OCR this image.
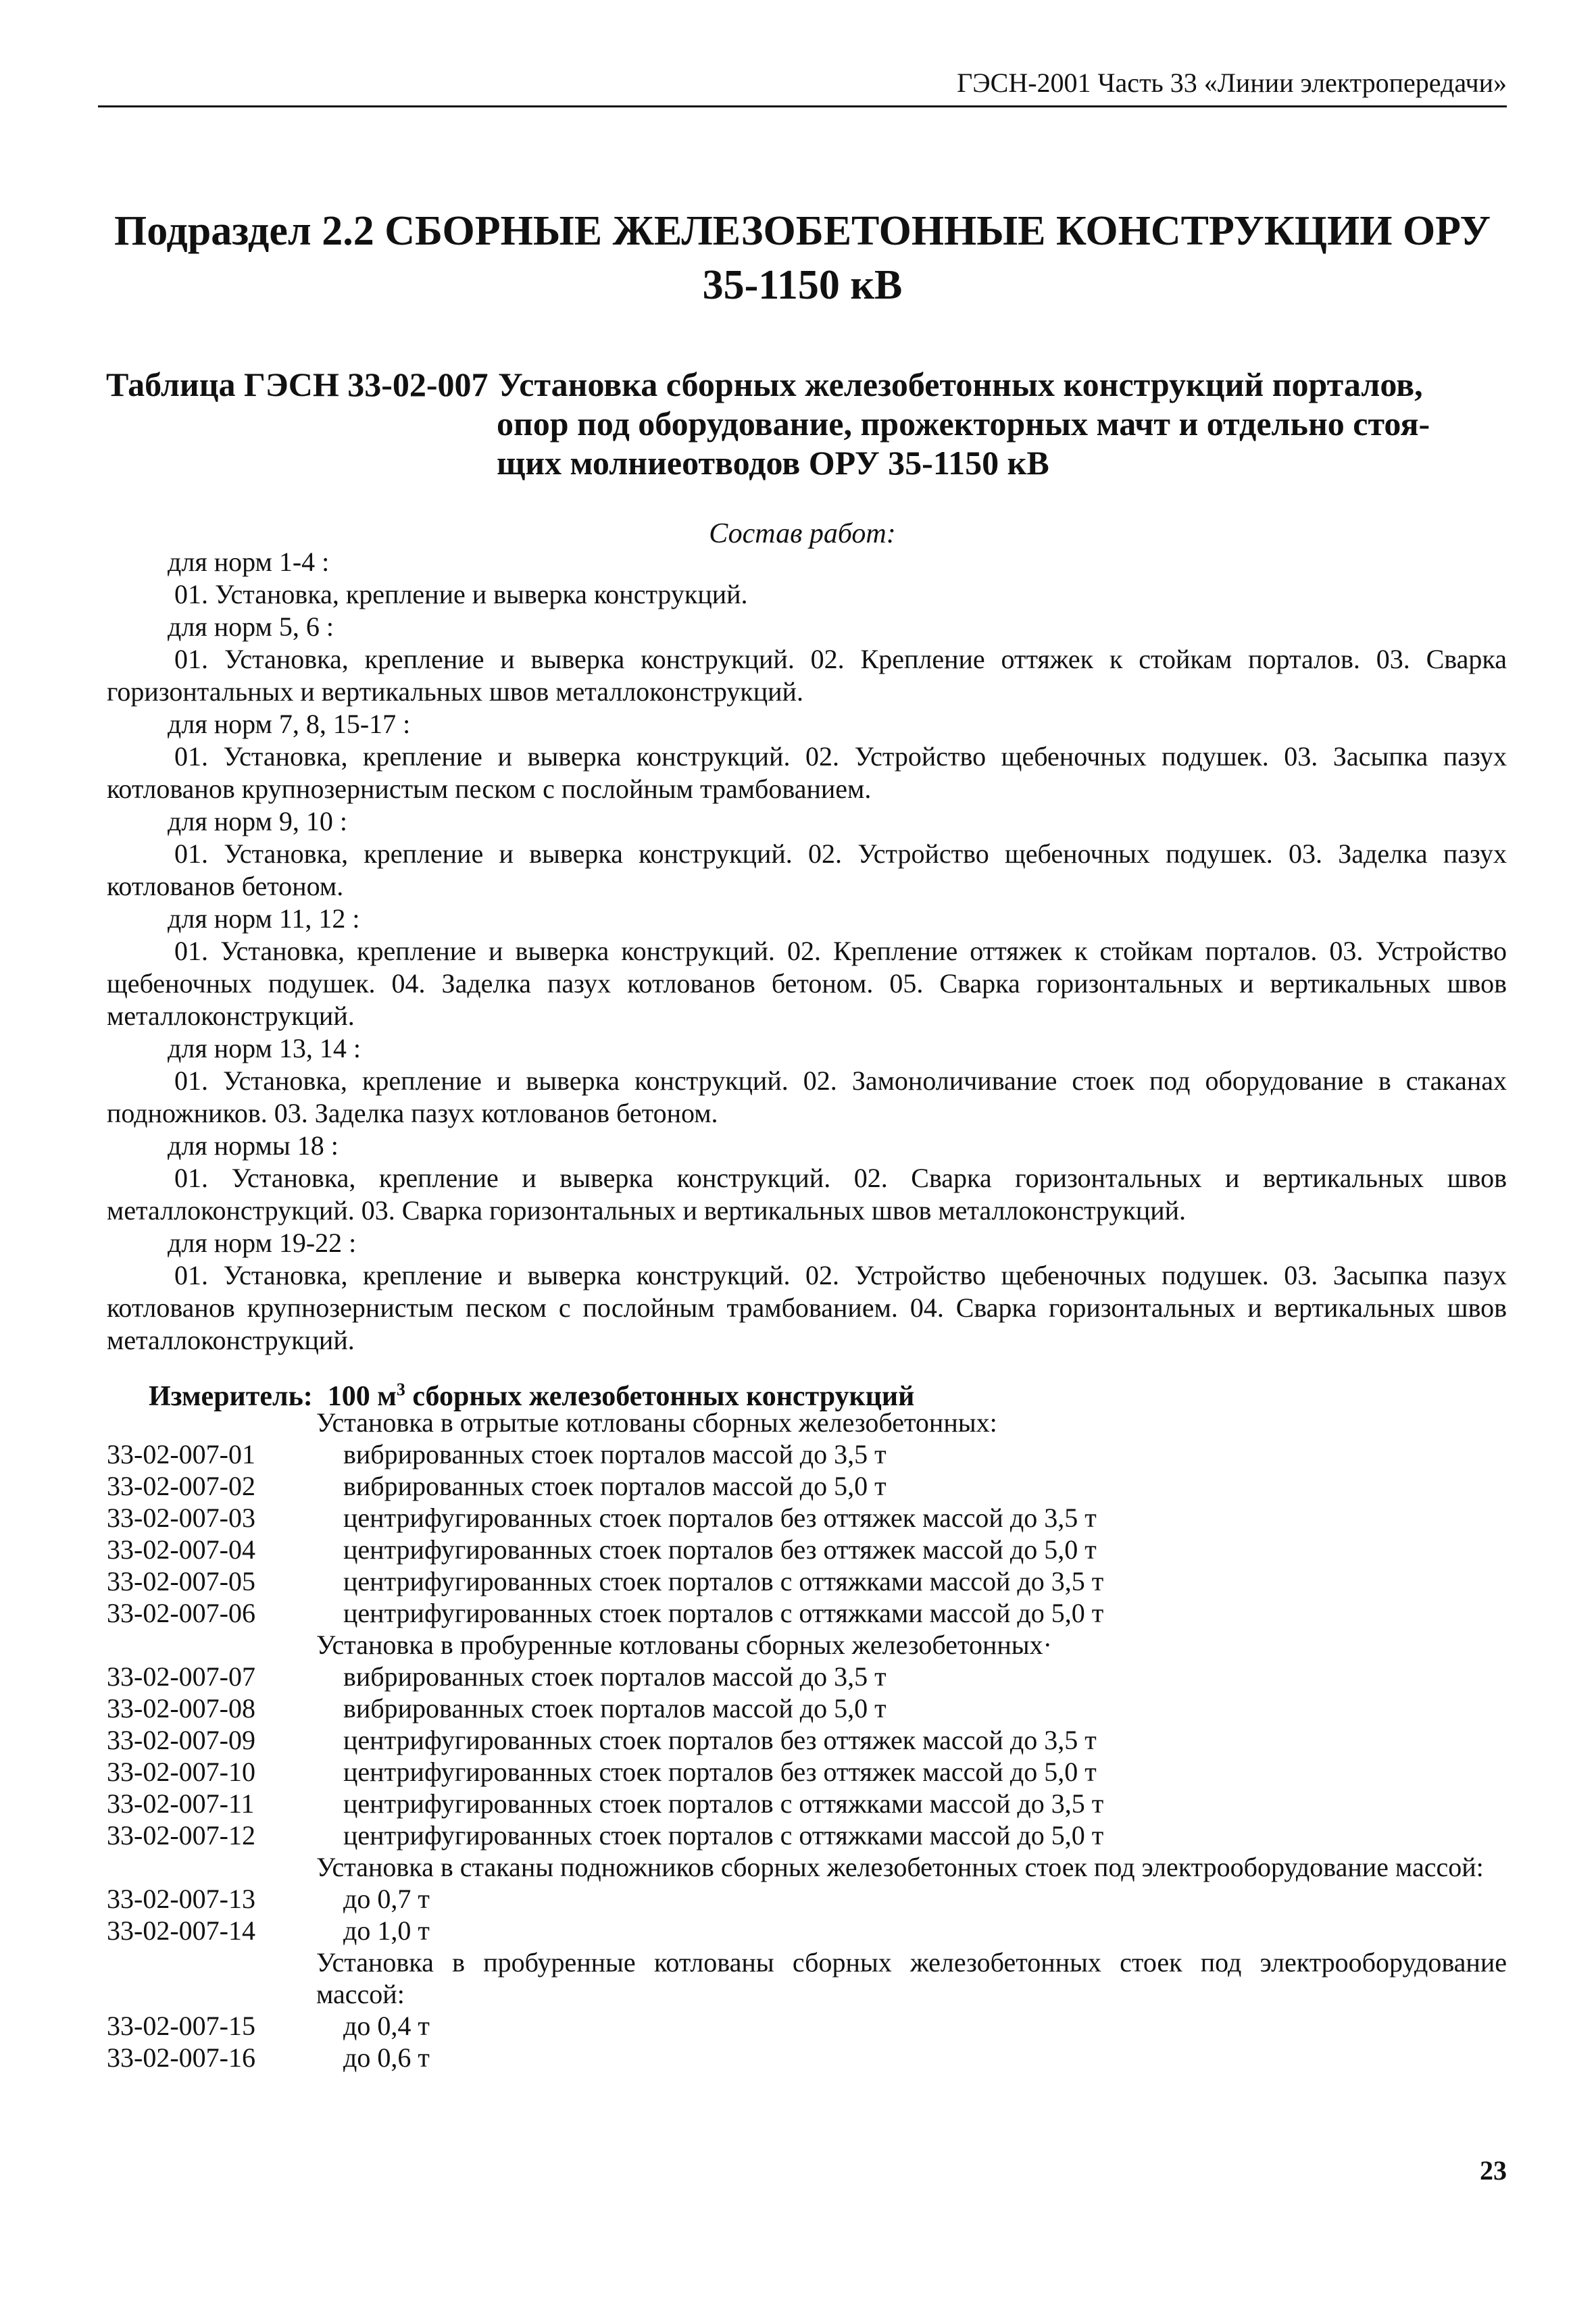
ГЭСН-2001 Часть 33 «Линии электропередачи»
Подраздел 2.2 СБОРНЫЕ ЖЕЛЕЗОБЕТОННЫЕ КОНСТРУКЦИИ ОРУ 35-1150 кВ
Таблица ГЭСН 33-02-007 Установка сборных железобетонных конструкций порталов,
опор под оборудование, прожекторных мачт и отдельно стоя-
щих молниеотводов ОРУ 35-1150 кВ
Состав работ:

для норм 1-4 :

01. Установка, крепление и выверка конструкций.

для норм 5, 6 :

01. Установка, крепление и выверка конструкций. 02. Крепление оттяжек к стойкам порталов. 03. Сварка горизонтальных и вертикальных швов металлоконструкций.

для норм 7, 8, 15-17 :

01. Установка, крепление и выверка конструкций. 02. Устройство щебеночных подушек. 03. Засыпка пазух котлованов крупнозернистым песком с послойным трамбованием.

для норм 9, 10 :

01. Установка, крепление и выверка конструкций. 02. Устройство щебеночных подушек. 03. Заделка пазух котлованов бетоном.

для норм 11, 12 :

01. Установка, крепление и выверка конструкций. 02. Крепление оттяжек к стойкам порталов. 03. Устройство щебеночных подушек. 04. Заделка пазух котлованов бетоном. 05. Сварка горизонтальных и вертикальных швов металлоконструкций.

для норм 13, 14 :

01. Установка, крепление и выверка конструкций. 02. Замоноличивание стоек под оборудование в стаканах подножников. 03. Заделка пазух котлованов бетоном.

для нормы 18 :

01. Установка, крепление и выверка конструкций. 02. Сварка горизонтальных и вертикальных швов металлоконструкций. 03. Сварка горизонтальных и вертикальных швов металлоконструкций.

для норм 19-22 :

01. Установка, крепление и выверка конструкций. 02. Устройство щебеночных подушек. 03. Засыпка пазух котлованов крупнозернистым песком с послойным трамбованием. 04. Сварка горизонтальных и вертикальных швов металлоконструкций.

Измеритель: 100 $м^3$ сборных железобетонных конструкций

Установка в отрытые котлованы сборных железобетонных:

33-02-007-01	вибрированных стоек порталов массой до 3,5 т
33-02-007-02	вибрированных стоек порталов массой до 5,0 т
33-02-007-03	центрифугированных стоек порталов без оттяжек массой до 3,5 т
33-02-007-04	центрифугированных стоек порталов без оттяжек массой до 5,0 т
33-02-007-05	центрифугированных стоек порталов с оттяжками массой до 3,5 т
33-02-007-06	центрифугированных стоек порталов с оттяжками массой до 5,0 т

Установка в пробуренные котлованы сборных железобетонных·

33-02-007-07	вибрированных стоек порталов массой до 3,5 т
33-02-007-08	вибрированных стоек порталов массой до 5,0 т
33-02-007-09	центрифугированных стоек порталов без оттяжек массой до 3,5 т
33-02-007-10	центрифугированных стоек порталов без оттяжек массой до 5,0 т
33-02-007-11	центрифугированных стоек порталов с оттяжками массой до 3,5 т
33-02-007-12	центрифугированных стоек порталов с оттяжками массой до 5,0 т

Установка в стаканы подножников сборных железобетонных стоек под электрооборудование массой:

33-02-007-13	до 0,7 т
33-02-007-14	до 1,0 т

Установка в пробуренные котлованы сборных железобетонных стоек под электрооборудование массой:

33-02-007-15	до 0,4 т
33-02-007-16	до 0,6 т
23
